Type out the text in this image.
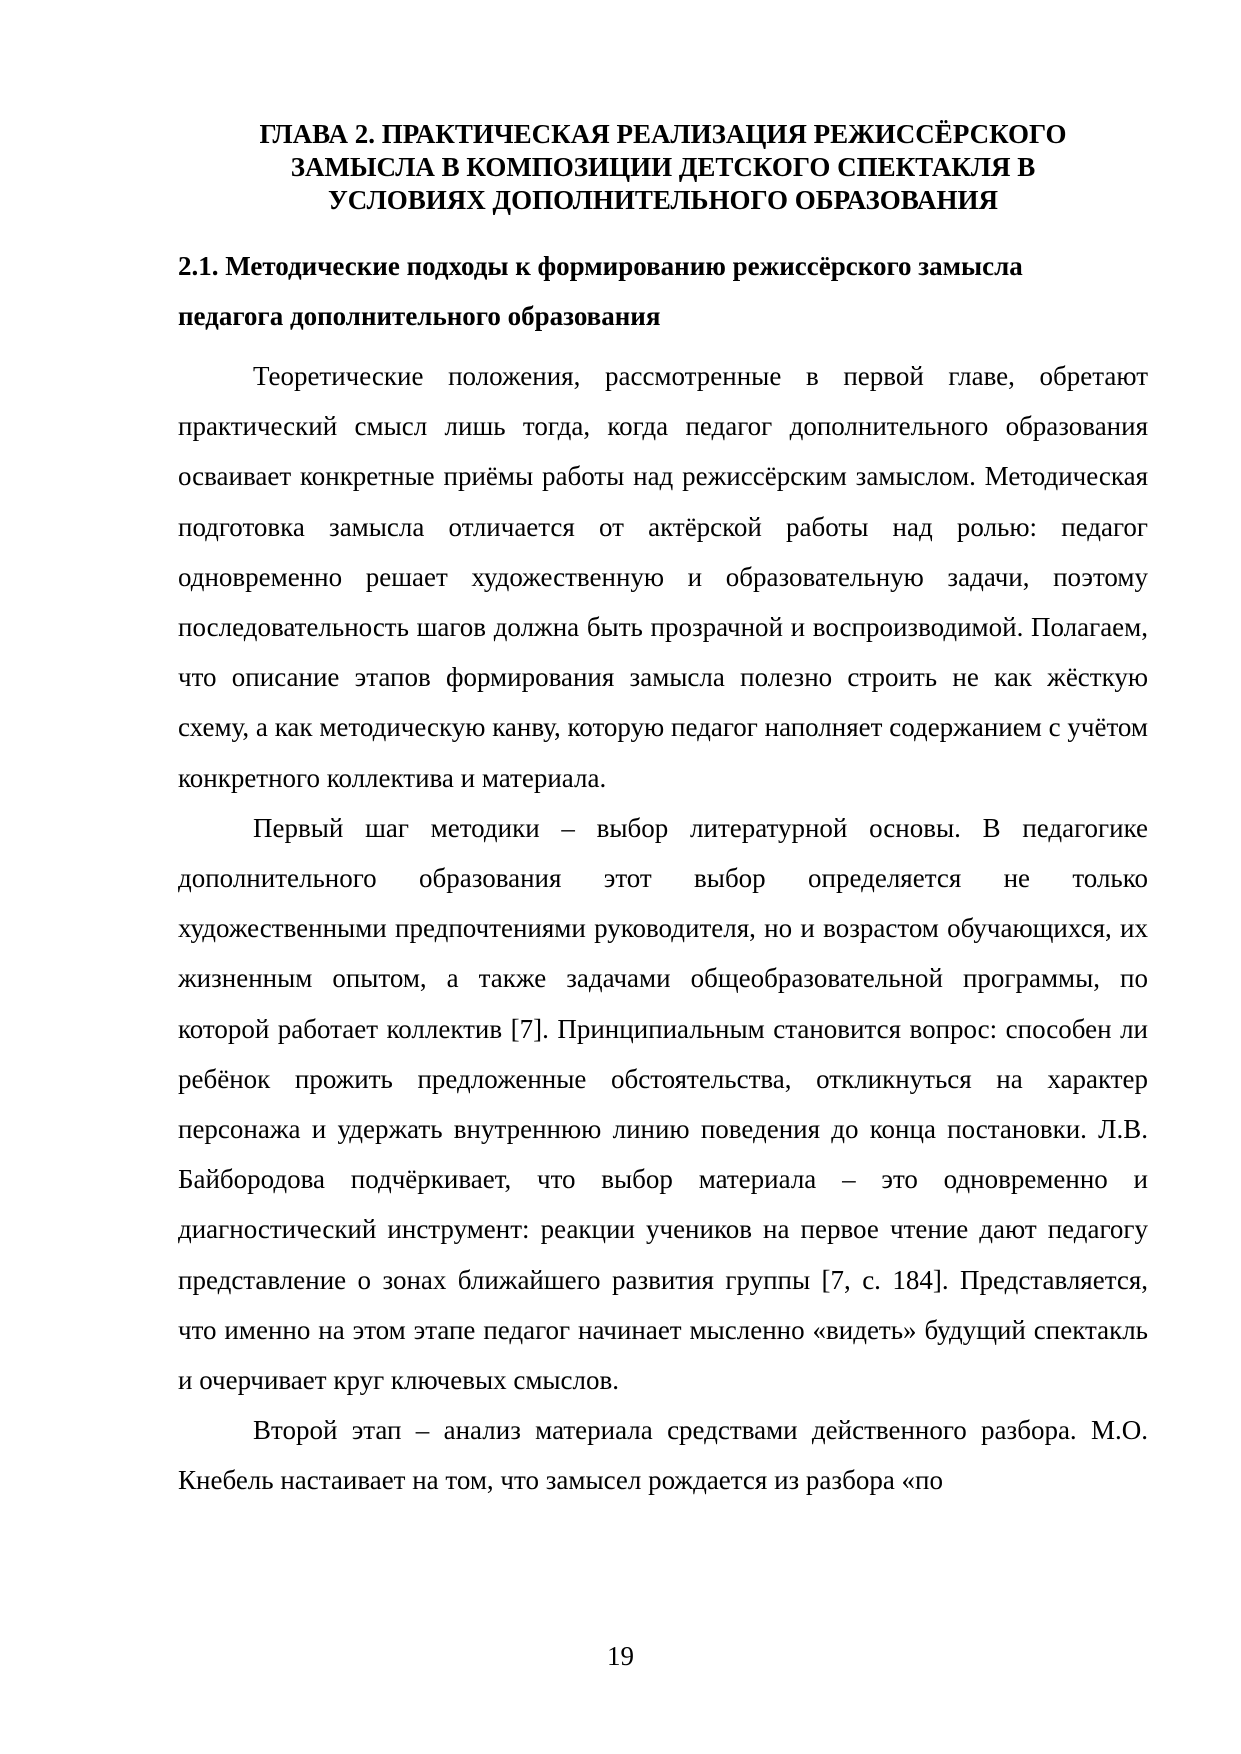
ГЛАВА 2. ПРАКТИЧЕСКАЯ РЕАЛИЗАЦИЯ РЕЖИССЁРСКОГО
ЗАМЫСЛА В КОМПОЗИЦИИ ДЕТСКОГО СПЕКТАКЛЯ В
УСЛОВИЯХ ДОПОЛНИТЕЛЬНОГО ОБРАЗОВАНИЯ
2.1. Методические подходы к формированию режиссёрского замысла
педагога дополнительного образования

Теоретические положения, рассмотренные в первой главе, обретают практический смысл лишь тогда, когда педагог дополнительного образования осваивает конкретные приёмы работы над режиссёрским замыслом. Методическая подготовка замысла отличается от актёрской работы над ролью: педагог одновременно решает художественную и образовательную задачи, поэтому последовательность шагов должна быть прозрачной и воспроизводимой. Полагаем, что описание этапов формирования замысла полезно строить не как жёсткую схему, а как методическую канву, которую педагог наполняет содержанием с учётом конкретного коллектива и материала.

Первый шаг методики – выбор литературной основы. В педагогике дополнительного образования этот выбор определяется не только художественными предпочтениями руководителя, но и возрастом обучающихся, их жизненным опытом, а также задачами общеобразовательной программы, по которой работает коллектив [7]. Принципиальным становится вопрос: способен ли ребёнок прожить предложенные обстоятельства, откликнуться на характер персонажа и удержать внутреннюю линию поведения до конца постановки. Л.В. Байбородова подчёркивает, что выбор материала – это одновременно и диагностический инструмент: реакции учеников на первое чтение дают педагогу представление о зонах ближайшего развития группы [7, с. 184]. Представляется, что именно на этом этапе педагог начинает мысленно «видеть» будущий спектакль и очерчивает круг ключевых смыслов.

Второй этап – анализ материала средствами действенного разбора. М.О. Кнебель настаивает на том, что замысел рождается из разбора «по

19
